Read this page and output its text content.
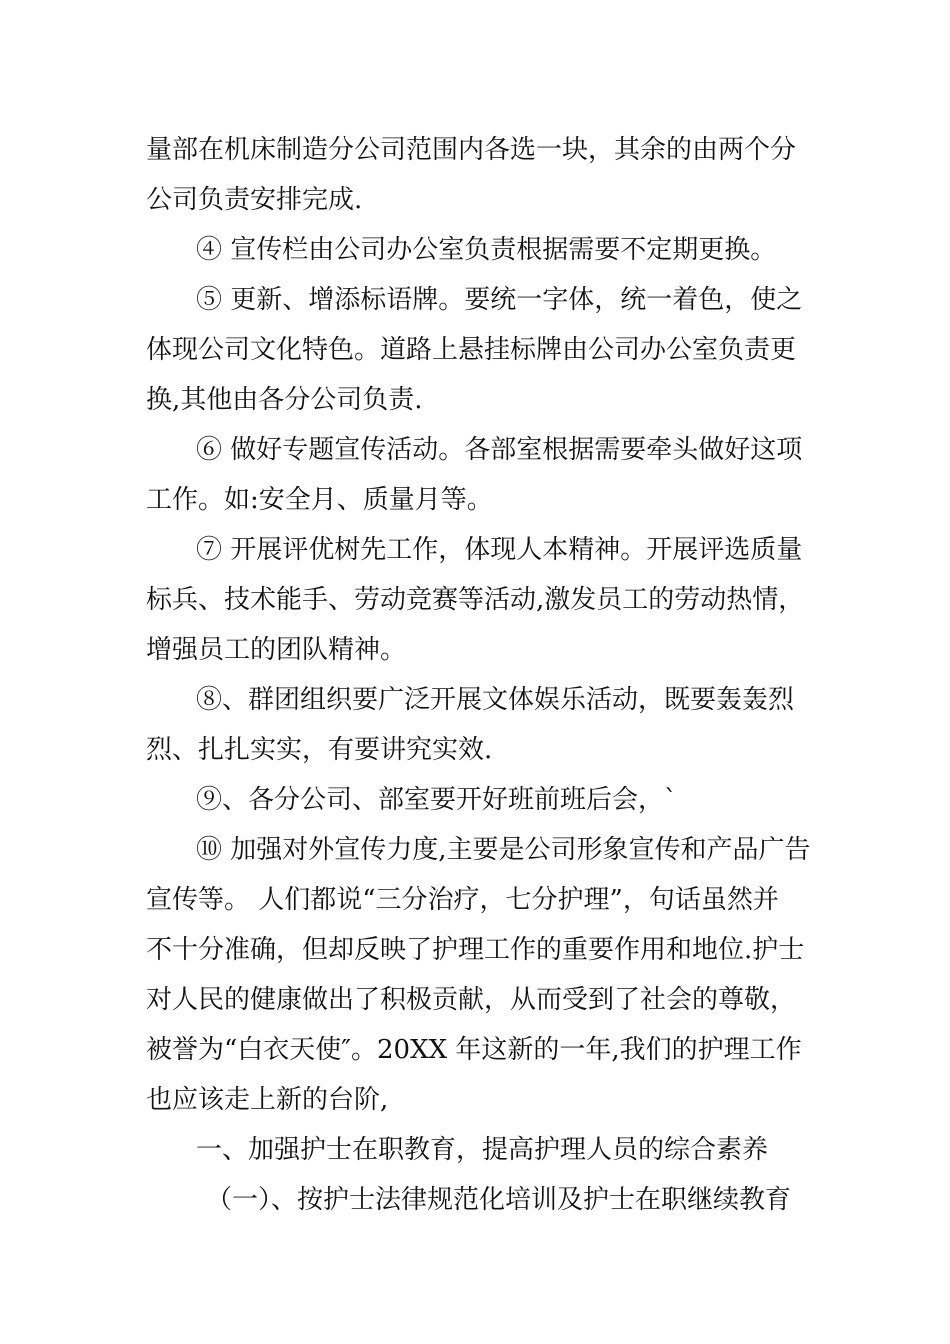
量部在机床制造分公司范围内各选一块，其余的由两个分
公司负责安排完成.
④ 宣传栏由公司办公室负责根据需要不定期更换。
⑤ 更新、增添标语牌。要统一字体，统一着色，使之
体现公司文化特色。道路上悬挂标牌由公司办公室负责更
换,其他由各分公司负责.
⑥ 做好专题宣传活动。各部室根据需要牵头做好这项
工作。如:安全月、质量月等。
⑦ 开展评优树先工作，体现人本精神。开展评选质量
标兵、技术能手、劳动竞赛等活动,激发员工的劳动热情，
增强员工的团队精神。
⑧、群团组织要广泛开展文体娱乐活动，既要轰轰烈
烈、扎扎实实，有要讲究实效.
⑨、各分公司、部室要开好班前班后会，`
⑩ 加强对外宣传力度,主要是公司形象宣传和产品广告
宣传等。 人们都说“三分治疗，七分护理”，句话虽然并
不十分准确，但却反映了护理工作的重要作用和地位.护士
对人民的健康做出了积极贡献，从而受到了社会的尊敬，
被誉为“白衣天使″。20XX 年这新的一年,我们的护理工作
也应该走上新的台阶,
一、加强护士在职教育，提高护理人员的综合素养
（一）、按护士法律规范化培训及护士在职继续教育
